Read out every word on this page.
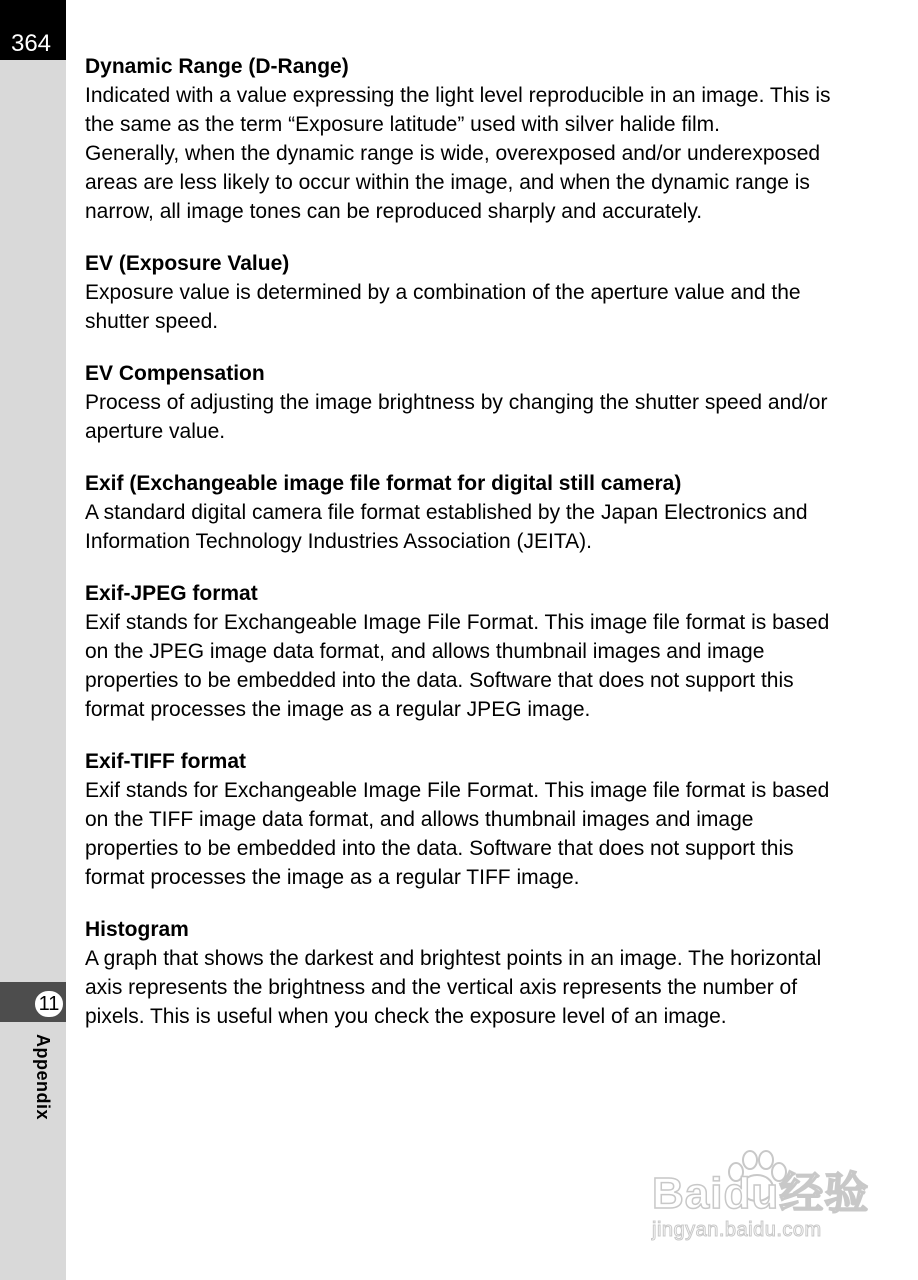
364
11
Appendix

Dynamic Range (D-Range)

Indicated with a value expressing the light level reproducible in an image. This is the same as the term “Exposure latitude” used with silver halide film.

Generally, when the dynamic range is wide, overexposed and/or underexposed areas are less likely to occur within the image, and when the dynamic range is narrow, all image tones can be reproduced sharply and accurately.

EV (Exposure Value)

Exposure value is determined by a combination of the aperture value and the shutter speed.

EV Compensation

Process of adjusting the image brightness by changing the shutter speed and/or aperture value.

Exif (Exchangeable image file format for digital still camera)

A standard digital camera file format established by the Japan Electronics and Information Technology Industries Association (JEITA).

Exif-JPEG format

Exif stands for Exchangeable Image File Format. This image file format is based on the JPEG image data format, and allows thumbnail images and image properties to be embedded into the data. Software that does not support this format processes the image as a regular JPEG image.

Exif-TIFF format

Exif stands for Exchangeable Image File Format. This image file format is based on the TIFF image data format, and allows thumbnail images and image properties to be embedded into the data. Software that does not support this format processes the image as a regular TIFF image.

Histogram

A graph that shows the darkest and brightest points in an image. The horizontal axis represents the brightness and the vertical axis represents the number of pixels. This is useful when you check the exposure level of an image.

Baidu经验
jingyan.baidu.com
